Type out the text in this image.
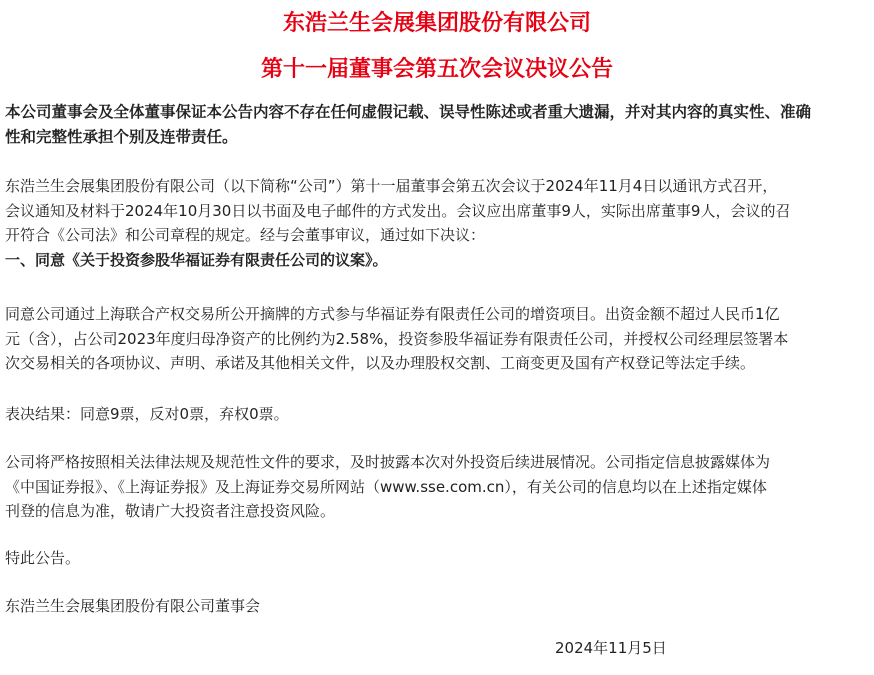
东浩兰生会展集团股份有限公司
第十一届董事会第五次会议决议公告
本公司董事会及全体董事保证本公告内容不存在任何虚假记载、误导性陈述或者重大遗漏，并对其内容的真实性、准确
性和完整性承担个别及连带责任。
东浩兰生会展集团股份有限公司（以下简称“公司”）第十一届董事会第五次会议于2024年11月4日以通讯方式召开，
会议通知及材料于2024年10月30日以书面及电子邮件的方式发出。会议应出席董事9人，实际出席董事9人，会议的召
开符合《公司法》和公司章程的规定。经与会董事审议，通过如下决议：
一、同意《关于投资参股华福证券有限责任公司的议案》。
同意公司通过上海联合产权交易所公开摘牌的方式参与华福证券有限责任公司的增资项目。出资金额不超过人民币1亿
元（含），占公司2023年度归母净资产的比例约为2.58%，投资参股华福证券有限责任公司，并授权公司经理层签署本
次交易相关的各项协议、声明、承诺及其他相关文件，以及办理股权交割、工商变更及国有产权登记等法定手续。
表决结果：同意9票，反对0票，弃权0票。
公司将严格按照相关法律法规及规范性文件的要求，及时披露本次对外投资后续进展情况。公司指定信息披露媒体为
《中国证券报》、《上海证券报》及上海证券交易所网站（www.sse.com.cn），有关公司的信息均以在上述指定媒体
刊登的信息为准，敬请广大投资者注意投资风险。
特此公告。
东浩兰生会展集团股份有限公司董事会
2024年11月5日
